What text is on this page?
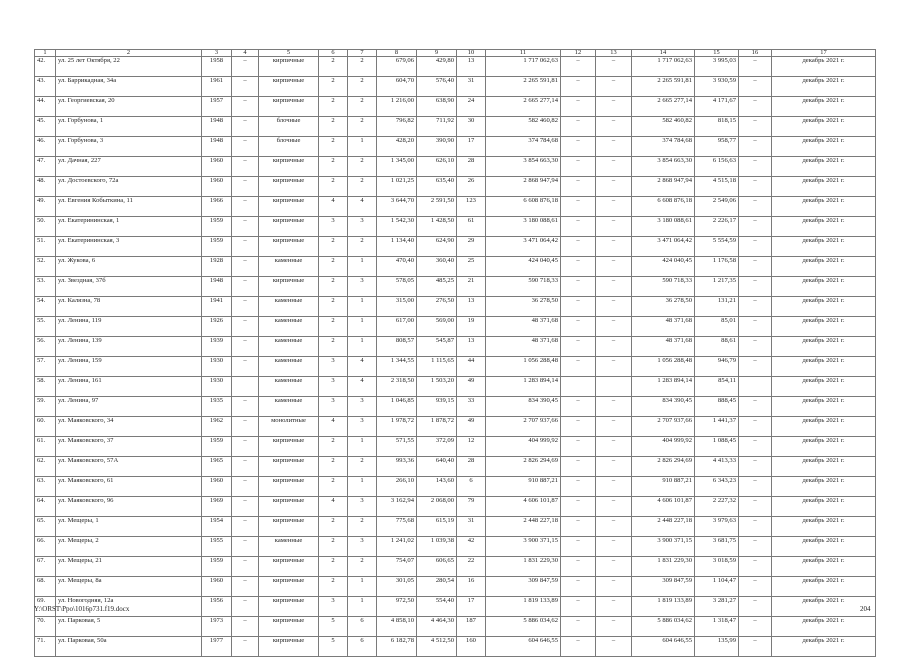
1	2	3	4	5	6	7	8	9	10	11	12	13	14	15	16	17
42.	ул. 25 лет Октября, 22	1958	–	кирпичные	2	2	679,06	429,80	13	1 717 062,63	–	–	1 717 062,63	3 995,03	–	декабрь 2021 г.
43.	ул. Баррикадная, 34а	1961	–	кирпичные	2	2	604,70	576,40	31	2 265 591,81	–	–	2 265 591,81	3 930,59	–	декабрь 2021 г.
44.	ул. Георгиевская, 20	1957	–	кирпичные	2	2	1 216,00	638,90	24	2 665 277,14	–	–	2 665 277,14	4 171,67	–	декабрь 2021 г.
45.	ул. Горбунова, 1	1948	–	блочные	2	2	796,82	711,92	30	582 460,82	–	–	582 460,82	818,15	–	декабрь 2021 г.
46.	ул. Горбунова, 3	1948	–	блочные	2	1	428,20	390,90	17	374 784,68	–	–	374 784,68	958,77	–	декабрь 2021 г.
47.	ул. Дачная, 227	1960	–	кирпичные	2	2	1 345,00	626,10	28	3 854 663,30	–	–	3 854 663,30	6 156,63	–	декабрь 2021 г.
48.	ул. Достоевского, 72а	1960	–	кирпичные	2	2	1 021,25	635,40	26	2 868 947,94	–	–	2 868 947,94	4 515,18	–	декабрь 2021 г.
49.	ул. Евгения Кобыткина, 11	1966	–	кирпичные	4	4	3 644,70	2 591,50	123	6 608 876,18	–	–	6 608 876,18	2 549,06	–	декабрь 2021 г.
50.	ул. Екатерининская, 1	1959	–	кирпичные	3	3	1 542,30	1 428,50	61	3 180 088,61	–	–	3 180 088,61	2 226,17	–	декабрь 2021 г.
51.	ул. Екатерининская, 3	1959	–	кирпичные	2	2	1 134,40	624,90	29	3 471 064,42	–	–	3 471 064,42	5 554,59	–	декабрь 2021 г.
52.	ул. Жукова, 6	1928	–	каменные	2	1	470,40	360,40	25	424 040,45	–	–	424 040,45	1 176,58	–	декабрь 2021 г.
53.	ул. Звездная, 37б	1948	–	кирпичные	2	3	578,05	485,25	21	590 718,33	–	–	590 718,33	1 217,35	–	декабрь 2021 г.
54.	ул. Калязна, 78	1941	–	каменные	2	1	315,00	276,50	13	36 278,50	–	–	36 278,50	131,21	–	декабрь 2021 г.
55.	ул. Ленина, 119	1926	–	каменные	2	1	617,00	569,00	19	48 371,68	–	–	48 371,68	85,01	–	декабрь 2021 г.
56.	ул. Ленина, 139	1939	–	каменные	2	1	808,57	545,87	13	48 371,68	–	–	48 371,68	88,61	–	декабрь 2021 г.
57.	ул. Ленина, 159	1930	–	каменные	3	4	1 344,55	1 115,65	44	1 056 288,48	–	–	1 056 288,48	946,79	–	декабрь 2021 г.
58.	ул. Ленина, 161	1930		каменные	3	4	2 318,50	1 503,20	49	1 283 894,14			1 283 894,14	854,11		декабрь 2021 г.
59.	ул. Ленина, 97	1935	–	каменные	3	3	1 046,85	939,15	33	834 390,45	–	–	834 390,45	888,45	–	декабрь 2021 г.
60.	ул. Маяковского, 34	1962	–	монолитные	4	3	1 978,72	1 878,72	49	2 707 937,66	–	–	2 707 937,66	1 441,37	–	декабрь 2021 г.
61.	ул. Маяковского, 37	1959	–	кирпичные	2	1	571,55	372,09	12	404 999,92	–	–	404 999,92	1 088,45	–	декабрь 2021 г.
62.	ул. Маяковского, 57А	1965	–	кирпичные	2	2	993,36	640,40	28	2 826 294,69	–	–	2 826 294,69	4 413,33	–	декабрь 2021 г.
63.	ул. Маяковского, 61	1960	–	кирпичные	2	1	266,10	143,60	6	910 887,21	–	–	910 887,21	6 343,23	–	декабрь 2021 г.
64.	ул. Маяковского, 96	1969	–	кирпичные	4	3	3 162,94	2 068,00	79	4 606 101,87	–	–	4 606 101,87	2 227,32	–	декабрь 2021 г.
65.	ул. Мещеры, 1	1954	–	кирпичные	2	2	775,68	615,19	31	2 448 227,18	–	–	2 448 227,18	3 979,63	–	декабрь 2021 г.
66.	ул. Мещеры, 2	1955	–	каменные	2	3	1 241,02	1 039,38	42	3 900 371,15	–	–	3 900 371,15	3 681,75	–	декабрь 2021 г.
67.	ул. Мещеры, 21	1959	–	кирпичные	2	2	754,07	606,65	22	1 831 229,30	–	–	1 831 229,30	3 018,59	–	декабрь 2021 г.
68.	ул. Мещеры, 8а	1960	–	кирпичные	2	1	301,05	280,54	16	309 847,59	–	–	309 847,59	1 104,47	–	декабрь 2021 г.
69.	ул. Новогодняя, 12а	1956	–	кирпичные	3	1	972,50	554,40	17	1 819 133,89	–	–	1 819 133,89	3 281,27	–	декабрь 2021 г.
70.	ул. Парковая, 5	1973	–	кирпичные	5	6	4 858,10	4 464,30	187	5 886 034,62	–	–	5 886 034,62	1 318,47	–	декабрь 2021 г.
71.	ул. Парковая, 50а	1977	–	кирпичные	5	6	6 182,78	4 512,50	160	604 646,55	–	–	604 646,55	135,99	–	декабрь 2021 г.
Y:\ORST\Ppo\1016p731.f19.docx	204
